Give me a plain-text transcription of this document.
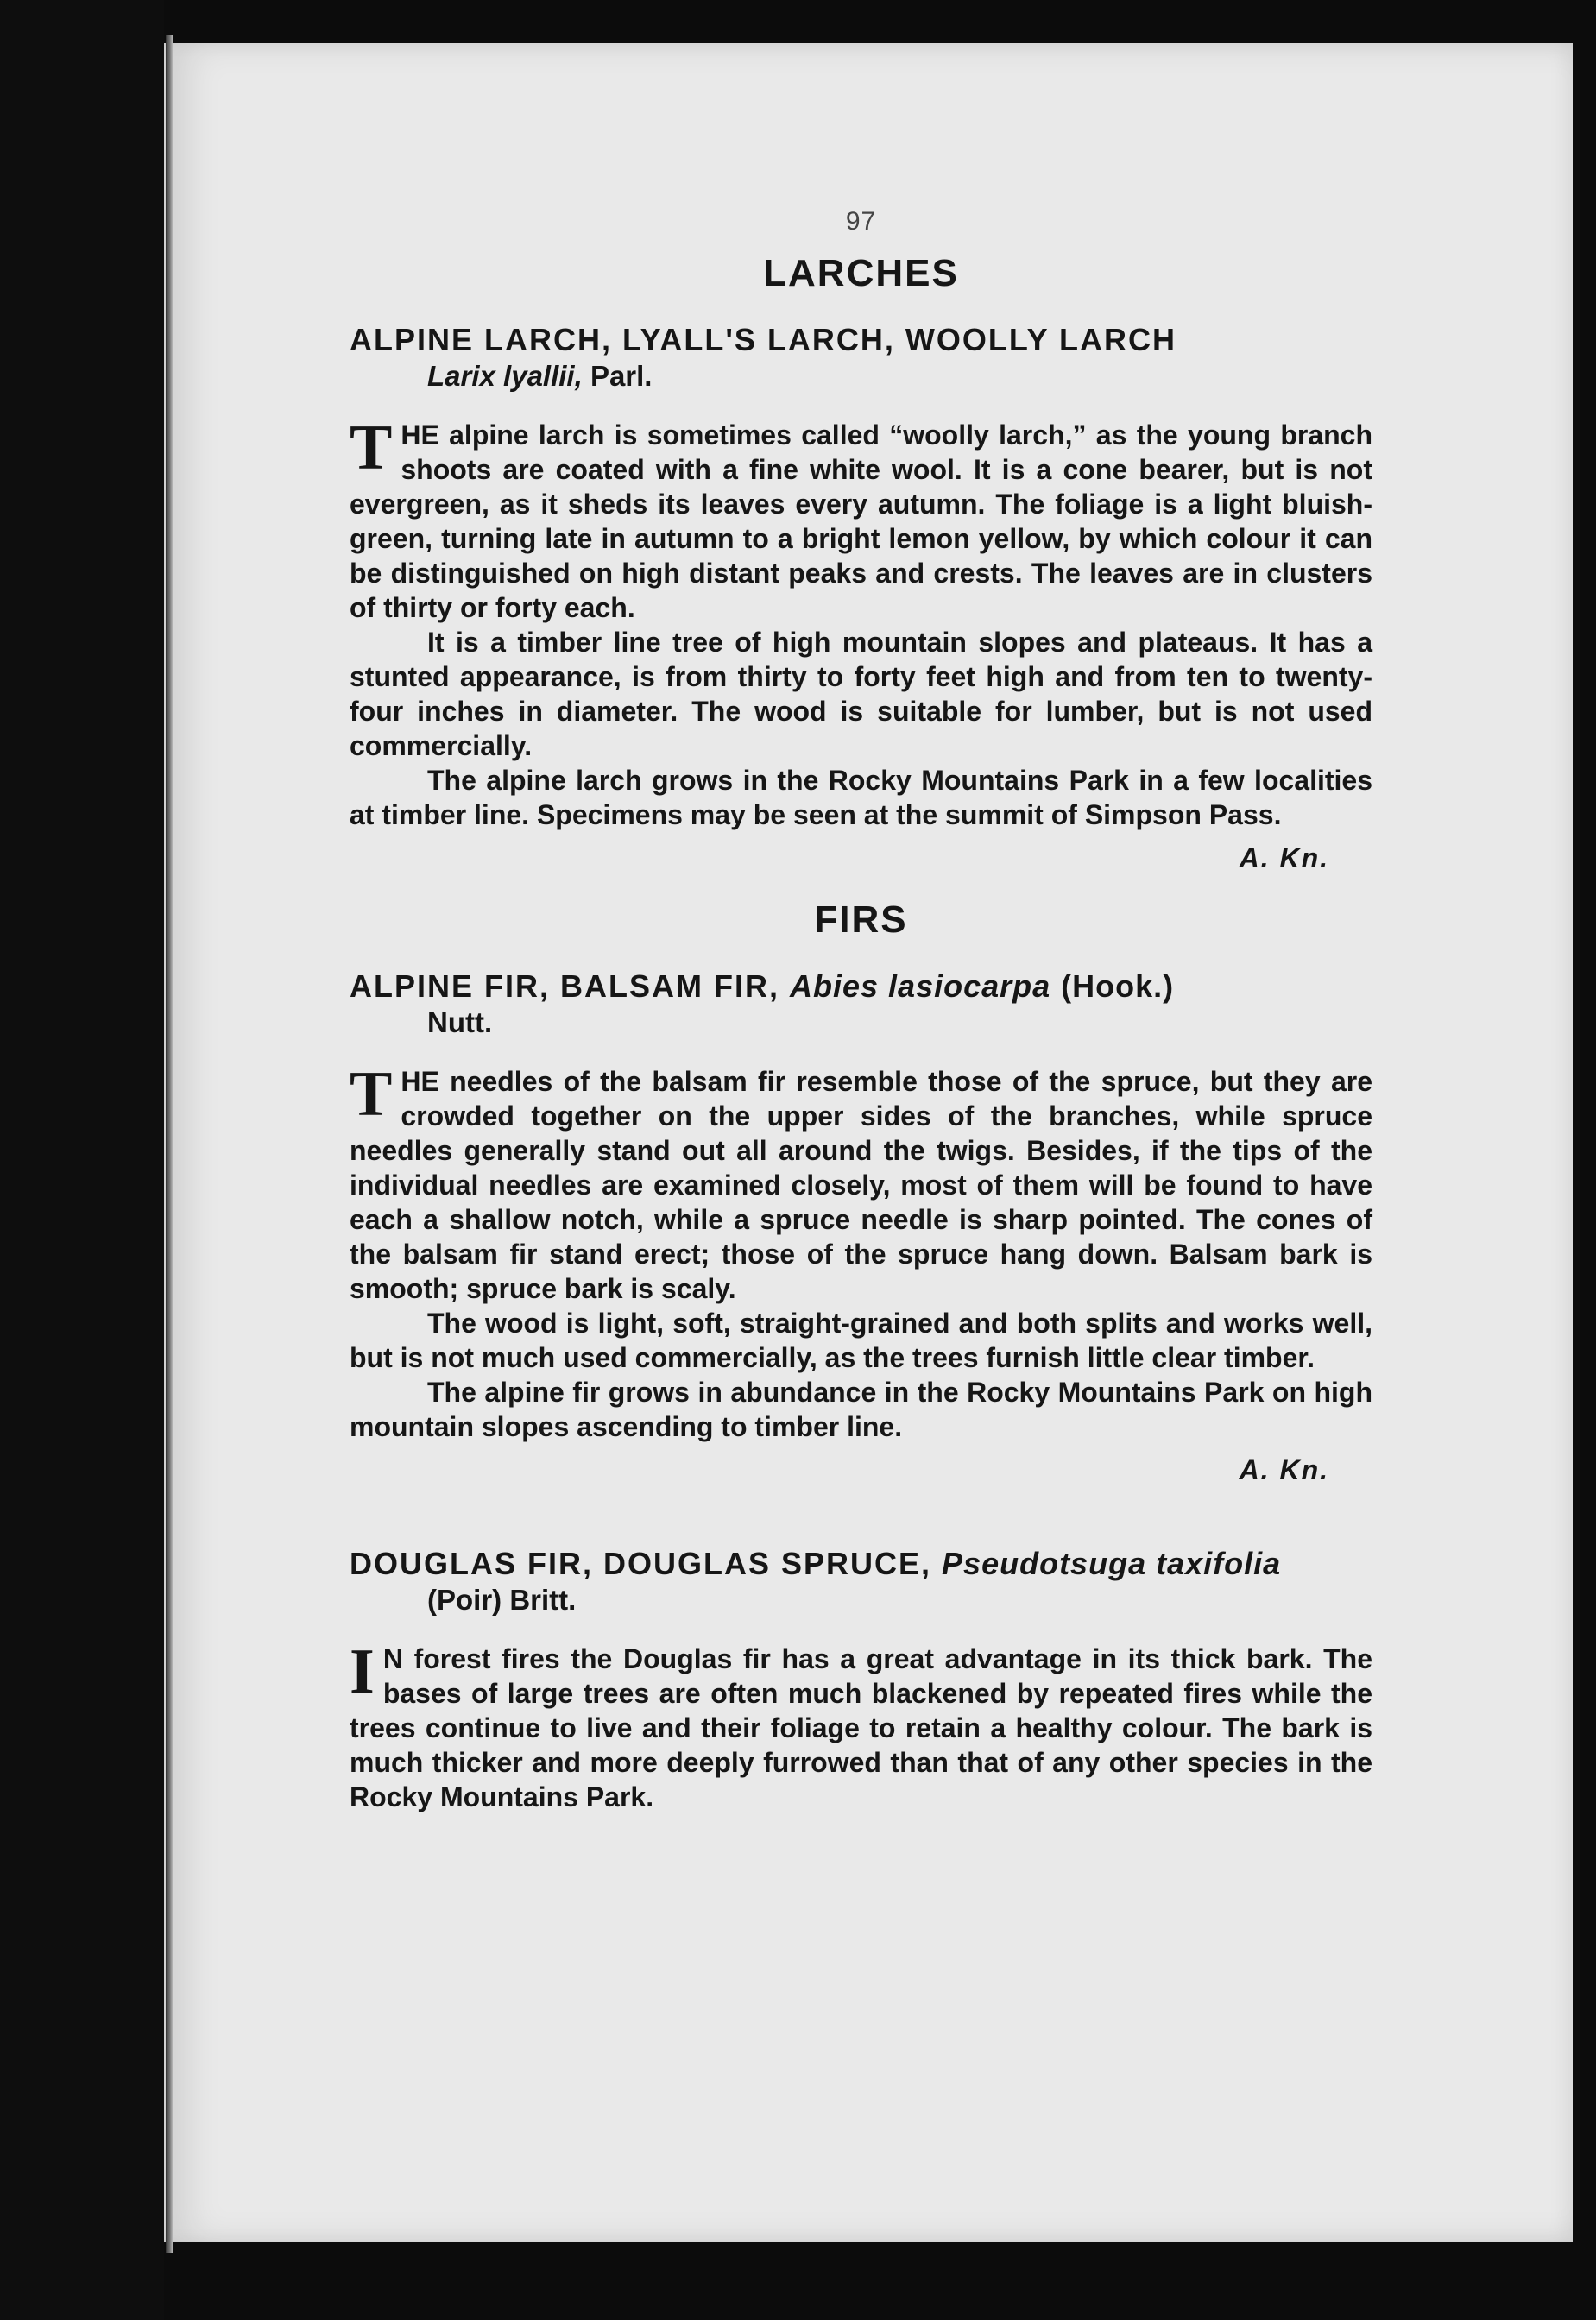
97
LARCHES
ALPINE LARCH, LYALL'S LARCH, WOOLLY LARCH
Larix lyallii, Parl.

THE alpine larch is sometimes called “woolly larch,” as the young branch shoots are coated with a fine white wool. It is a cone bearer, but is not evergreen, as it sheds its leaves every autumn. The foliage is a light bluish-green, turning late in autumn to a bright lemon yellow, by which colour it can be distinguished on high distant peaks and crests. The leaves are in clusters of thirty or forty each.

It is a timber line tree of high mountain slopes and plateaus. It has a stunted appearance, is from thirty to forty feet high and from ten to twenty-four inches in diameter. The wood is suitable for lumber, but is not used commercially.

The alpine larch grows in the Rocky Mountains Park in a few localities at timber line. Specimens may be seen at the summit of Simpson Pass.

A. Kn.
FIRS
ALPINE FIR, BALSAM FIR, Abies lasiocarpa (Hook.)
Nutt.

THE needles of the balsam fir resemble those of the spruce, but they are crowded together on the upper sides of the branches, while spruce needles generally stand out all around the twigs. Besides, if the tips of the individual needles are examined closely, most of them will be found to have each a shallow notch, while a spruce needle is sharp pointed. The cones of the balsam fir stand erect; those of the spruce hang down. Balsam bark is smooth; spruce bark is scaly.

The wood is light, soft, straight-grained and both splits and works well, but is not much used commercially, as the trees furnish little clear timber.

The alpine fir grows in abundance in the Rocky Mountains Park on high mountain slopes ascending to timber line.

A. Kn.
DOUGLAS FIR, DOUGLAS SPRUCE, Pseudotsuga taxifolia
(Poir) Britt.

I N forest fires the Douglas fir has a great advantage in its thick bark. The bases of large trees are often much blackened by repeated fires while the trees continue to live and their foliage to retain a healthy colour. The bark is much thicker and more deeply furrowed than that of any other species in the Rocky Mountains Park.
